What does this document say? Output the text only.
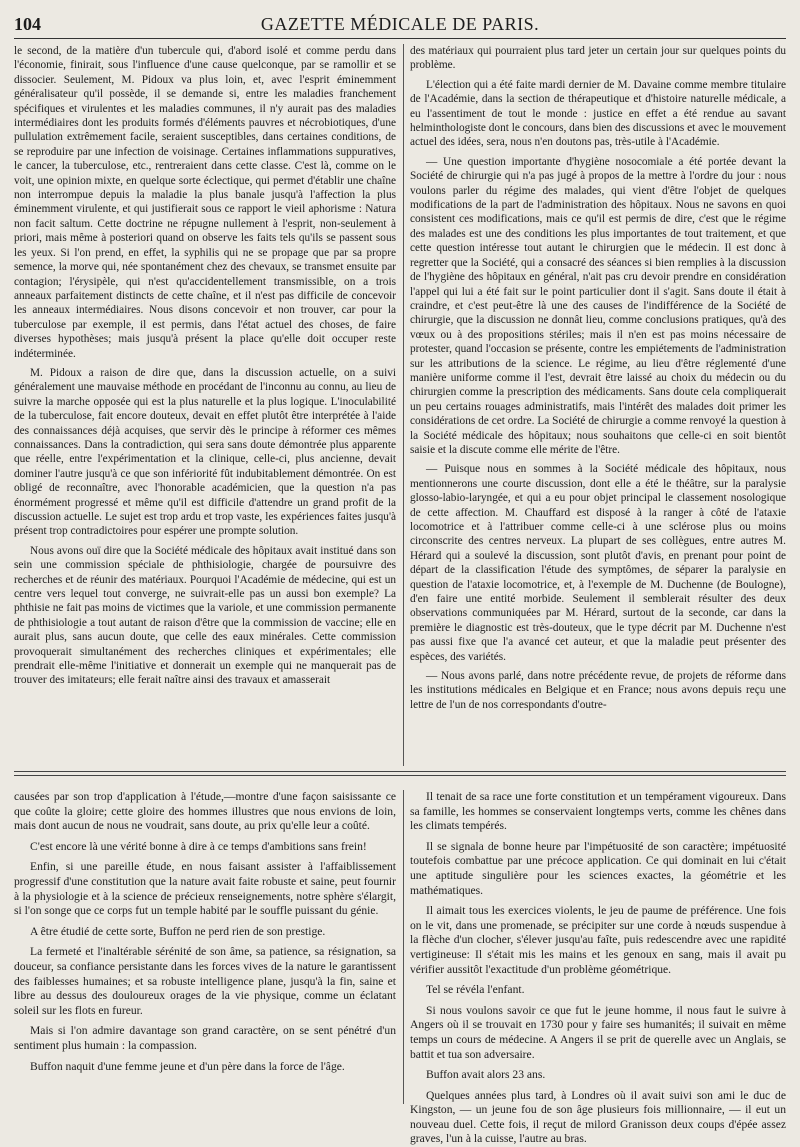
104	GAZETTE MÉDICALE DE PARIS.

le second, de la matière d'un tubercule qui, d'abord isolé et comme perdu dans l'économie, finirait, sous l'influence d'une cause quelconque, par se ramollir et se dissocier. Seulement, M. Pidoux va plus loin, et, avec l'esprit éminemment généralisateur qu'il possède, il se demande si, entre les maladies franchement spécifiques et virulentes et les maladies communes, il n'y aurait pas des maladies intermédiaires dont les produits formés d'éléments pauvres et nécrobiotiques, d'une pullulation extrêmement facile, seraient susceptibles, dans certaines conditions, de se reproduire par une infection de voisinage. Certaines inflammations suppuratives, le cancer, la tuberculose, etc., rentreraient dans cette classe. C'est là, comme on le voit, une opinion mixte, en quelque sorte éclectique, qui permet d'établir une chaîne non interrompue depuis la maladie la plus banale jusqu'à l'affection la plus éminemment virulente, et qui justifierait sous ce rapport le vieil aphorisme : Natura non facit saltum. Cette doctrine ne répugne nullement à l'esprit, non-seulement à priori, mais même à posteriori quand on observe les faits tels qu'ils se passent sous les yeux. Si l'on prend, en effet, la syphilis qui ne se propage que par sa propre semence, la morve qui, née spontanément chez des chevaux, se transmet ensuite par contagion; l'érysipèle, qui n'est qu'accidentellement transmissible, on a trois anneaux parfaitement distincts de cette chaîne, et il n'est pas difficile de concevoir les anneaux intermédiaires. Nous disons concevoir et non trouver, car pour la tuberculose par exemple, il est permis, dans l'état actuel des choses, de faire diverses hypothèses; mais jusqu'à présent la place qu'elle doit occuper reste indéterminée.

M. Pidoux a raison de dire que, dans la discussion actuelle, on a suivi généralement une mauvaise méthode en procédant de l'inconnu au connu, au lieu de suivre la marche opposée qui est la plus naturelle et la plus logique. L'inoculabilité de la tuberculose, fait encore douteux, devait en effet plutôt être interprétée à l'aide des connaissances déjà acquises, que servir dès le principe à réformer ces mêmes connaissances. Dans la contradiction, qui sera sans doute démontrée plus apparente que réelle, entre l'expérimentation et la clinique, celle-ci, plus ancienne, devait dominer l'autre jusqu'à ce que son infériorité fût indubitablement démontrée. On est obligé de reconnaître, avec l'honorable académicien, que la question n'a pas énormément progressé et même qu'il est difficile d'attendre un grand profit de la discussion actuelle. Le sujet est trop ardu et trop vaste, les expériences faites jusqu'à présent trop contradictoires pour espérer une prompte solution.

Nous avons ouï dire que la Société médicale des hôpitaux avait institué dans son sein une commission spéciale de phthisiologie, chargée de poursuivre des recherches et de réunir des matériaux. Pourquoi l'Académie de médecine, qui est un centre vers lequel tout converge, ne suivrait-elle pas un aussi bon exemple? La phthisie ne fait pas moins de victimes que la variole, et une commission permanente de phthisiologie a tout autant de raison d'être que la commission de vaccine; elle en aurait plus, sans aucun doute, que celle des eaux minérales. Cette commission provoquerait simultanément des recherches cliniques et expérimentales; elle prendrait elle-même l'initiative et donnerait un exemple qui ne manquerait pas de trouver des imitateurs; elle ferait naître ainsi des travaux et amasserait

des matériaux qui pourraient plus tard jeter un certain jour sur quelques points du problème.

L'élection qui a été faite mardi dernier de M. Davaine comme membre titulaire de l'Académie, dans la section de thérapeutique et d'histoire naturelle médicale, a eu l'assentiment de tout le monde : justice en effet a été rendue au savant helminthologiste dont le concours, dans bien des discussions et avec le mouvement actuel des idées, sera, nous n'en doutons pas, très-utile à l'Académie.

— Une question importante d'hygiène nosocomiale a été portée devant la Société de chirurgie qui n'a pas jugé à propos de la mettre à l'ordre du jour : nous voulons parler du régime des malades, qui vient d'être l'objet de quelques modifications de la part de l'administration des hôpitaux. Nous ne savons en quoi consistent ces modifications, mais ce qu'il est permis de dire, c'est que le régime des malades est une des conditions les plus importantes de tout traitement, et que cette question intéresse tout autant le chirurgien que le médecin. Il est donc à regretter que la Société, qui a consacré des séances si bien remplies à la discussion de l'hygiène des hôpitaux en général, n'ait pas cru devoir prendre en considération l'appel qui lui a été fait sur le point particulier dont il s'agit. Sans doute il était à craindre, et c'est peut-être là une des causes de l'indifférence de la Société de chirurgie, que la discussion ne donnât lieu, comme conclusions pratiques, qu'à des vœux ou à des propositions stériles; mais il n'en est pas moins nécessaire de protester, quand l'occasion se présente, contre les empiétements de l'administration sur les attributions de la science. Le régime, au lieu d'être réglementé d'une manière uniforme comme il l'est, devrait être laissé au choix du médecin ou du chirurgien comme la prescription des médicaments. Sans doute cela compliquerait un peu certains rouages administratifs, mais l'intérêt des malades doit primer les considérations de cet ordre. La Société de chirurgie a comme renvoyé la question à la Société médicale des hôpitaux; nous souhaitons que celle-ci en soit bientôt saisie et la discute comme elle mérite de l'être.

— Puisque nous en sommes à la Société médicale des hôpitaux, nous mentionnerons une courte discussion, dont elle a été le théâtre, sur la paralysie glosso-labio-laryngée, et qui a eu pour objet principal le classement nosologique de cette affection. M. Chauffard est disposé à la ranger à côté de l'ataxie locomotrice et à l'attribuer comme celle-ci à une sclérose plus ou moins circonscrite des centres nerveux. La plupart de ses collègues, entre autres M. Hérard qui a soulevé la discussion, sont plutôt d'avis, en prenant pour point de départ de la classification l'étude des symptômes, de séparer la paralysie en question de l'ataxie locomotrice, et, à l'exemple de M. Duchenne (de Boulogne), d'en faire une entité morbide. Seulement il semblerait résulter des deux observations communiquées par M. Hérard, surtout de la seconde, car dans la première le diagnostic est très-douteux, que le type décrit par M. Duchenne n'est pas aussi fixe que l'a avancé cet auteur, et que la maladie peut présenter des espèces, des variétés.

— Nous avons parlé, dans notre précédente revue, de projets de réforme dans les institutions médicales en Belgique et en France; nous avons depuis reçu une lettre de l'un de nos correspondants d'outre-

causées par son trop d'application à l'étude,—montre d'une façon saisissante ce que coûte la gloire; cette gloire des hommes illustres que nous envions de loin, mais dont aucun de nous ne voudrait, sans doute, au prix qu'elle leur a coûté.

C'est encore là une vérité bonne à dire à ce temps d'ambitions sans frein!

Enfin, si une pareille étude, en nous faisant assister à l'affaiblissement progressif d'une constitution que la nature avait faite robuste et saine, peut fournir à la physiologie et à la science de précieux renseignements, notre sphère s'élargit, si l'on songe que ce corps fut un temple habité par le souffle puissant du génie.

A être étudié de cette sorte, Buffon ne perd rien de son prestige.

La fermeté et l'inaltérable sérénité de son âme, sa patience, sa résignation, sa douceur, sa confiance persistante dans les forces vives de la nature le garantissent des faiblesses humaines; et sa robuste intelligence plane, jusqu'à la fin, saine et libre au dessus des douloureux orages de la vie physique, comme un éclatant soleil sur les flots en fureur.

Mais si l'on admire davantage son grand caractère, on se sent pénétré d'un sentiment plus humain : la compassion.

Buffon naquit d'une femme jeune et d'un père dans la force de l'âge.

Il tenait de sa race une forte constitution et un tempérament vigoureux. Dans sa famille, les hommes se conservaient longtemps verts, comme les chênes dans les climats tempérés.

Il se signala de bonne heure par l'impétuosité de son caractère; impétuosité toutefois combattue par une précoce application. Ce qui dominait en lui c'était une aptitude singulière pour les sciences exactes, la géométrie et les mathématiques.

Il aimait tous les exercices violents, le jeu de paume de préférence. Une fois on le vit, dans une promenade, se précipiter sur une corde à nœuds suspendue à la flèche d'un clocher, s'élever jusqu'au faîte, puis redescendre avec une rapidité vertigineuse: Il s'était mis les mains et les genoux en sang, mais il avait pu vérifier aussitôt l'exactitude d'un problème géométrique.

Tel se révéla l'enfant.

Si nous voulons savoir ce que fut le jeune homme, il nous faut le suivre à Angers où il se trouvait en 1730 pour y faire ses humanités; il suivait en même temps un cours de médecine. A Angers il se prit de querelle avec un Anglais, se battit et tua son adversaire.

Buffon avait alors 23 ans.

Quelques années plus tard, à Londres où il avait suivi son ami le duc de Kingston, — un jeune fou de son âge plusieurs fois millionnaire, — il eut un nouveau duel. Cette fois, il reçut de milord Granisson deux coups d'épée assez graves, l'un à la cuisse, l'autre au bras.
